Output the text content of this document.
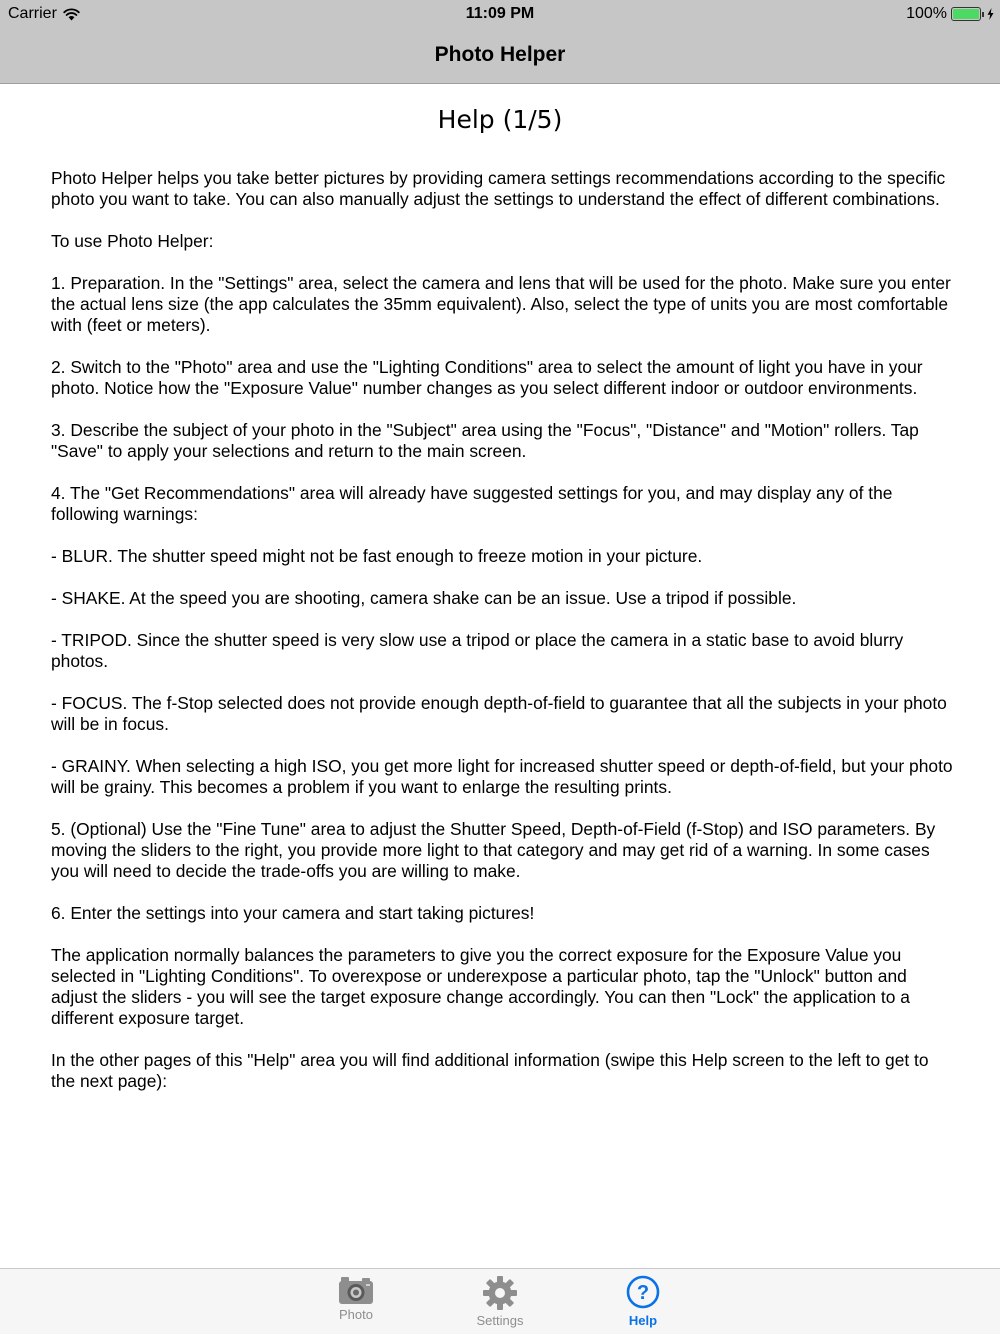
Carrier	11:09 PM	100%
Photo Helper
Help (1/5)

Photo Helper helps you take better pictures by providing camera settings recommendations according to the specific photo you want to take. You can also manually adjust the settings to understand the effect of different combinations.

To use Photo Helper:

1. Preparation. In the "Settings" area, select the camera and lens that will be used for the photo. Make sure you enter the actual lens size (the app calculates the 35mm equivalent). Also, select the type of units you are most comfortable with (feet or meters).

2. Switch to the "Photo" area and use the "Lighting Conditions" area to select the amount of light you have in your photo. Notice how the "Exposure Value" number changes as you select different indoor or outdoor environments.

3. Describe the subject of your photo in the "Subject" area using the "Focus", "Distance" and "Motion" rollers. Tap "Save" to apply your selections and return to the main screen.

4. The "Get Recommendations" area will already have suggested settings for you, and may display any of the following warnings:

- BLUR. The shutter speed might not be fast enough to freeze motion in your picture.

- SHAKE. At the speed you are shooting, camera shake can be an issue. Use a tripod if possible.

- TRIPOD. Since the shutter speed is very slow use a tripod or place the camera in a static base to avoid blurry photos.

- FOCUS. The f-Stop selected does not provide enough depth-of-field to guarantee that all the subjects in your photo will be in focus.

- GRAINY. When selecting a high ISO, you get more light for increased shutter speed or depth-of-field, but your photo will be grainy. This becomes a problem if you want to enlarge the resulting prints.

5. (Optional) Use the "Fine Tune" area to adjust the Shutter Speed, Depth-of-Field (f-Stop) and ISO parameters. By moving the sliders to the right, you provide more light to that category and may get rid of a warning. In some cases you will need to decide the trade-offs you are willing to make.

6. Enter the settings into your camera and start taking pictures!

The application normally balances the parameters to give you the correct exposure for the Exposure Value you selected in "Lighting Conditions". To overexpose or underexpose a particular photo, tap the "Unlock" button and adjust the sliders - you will see the target exposure change accordingly. You can then "Lock" the application to a different exposure target.

In the other pages of this "Help" area you will find additional information (swipe this Help screen to the left to get to the next page):

Photo	Settings
?
Help
